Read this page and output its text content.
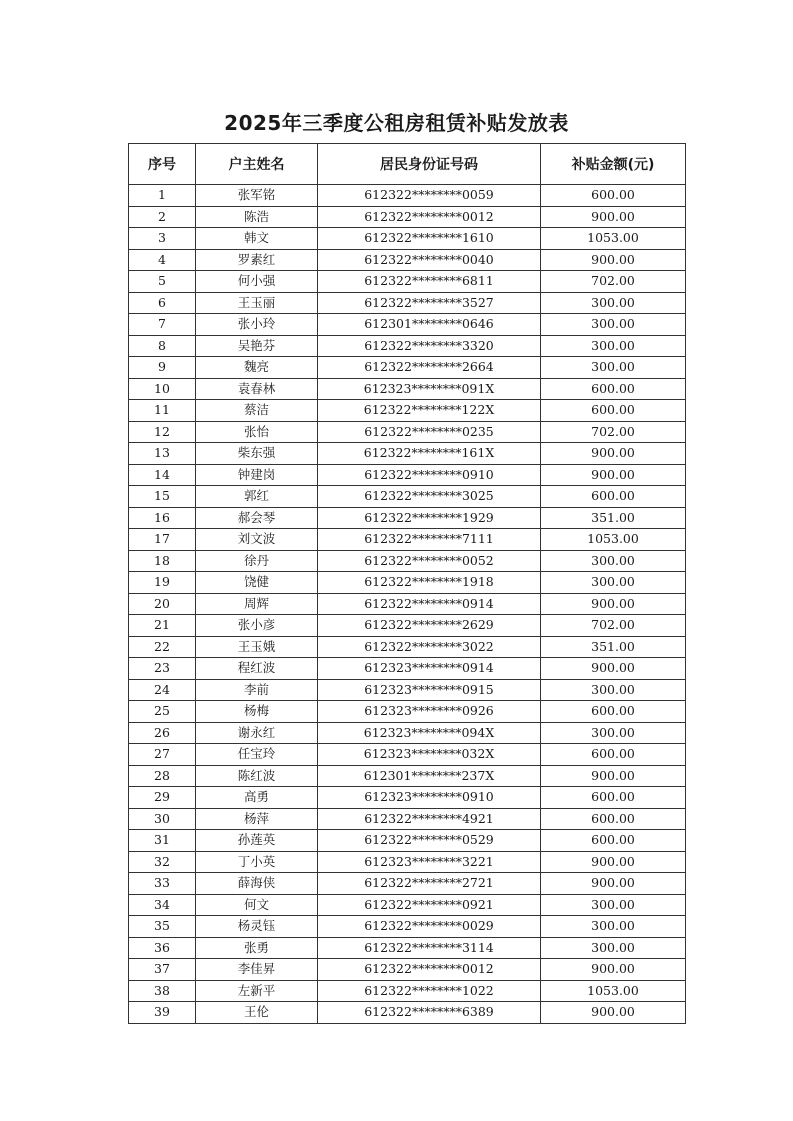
2025年三季度公租房租赁补贴发放表
序号	户主姓名	居民身份证号码	补贴金额(元)
1	张军铭	612322********0059	600.00
2	陈浩	612322********0012	900.00
3	韩文	612322********1610	1053.00
4	罗素红	612322********0040	900.00
5	何小强	612322********6811	702.00
6	王玉丽	612322********3527	300.00
7	张小玲	612301********0646	300.00
8	吴艳芬	612322********3320	300.00
9	魏亮	612322********2664	300.00
10	袁春林	612323********091X	600.00
11	蔡洁	612322********122X	600.00
12	张怡	612322********0235	702.00
13	柴东强	612322********161X	900.00
14	钟建岗	612322********0910	900.00
15	郭红	612322********3025	600.00
16	郝会琴	612322********1929	351.00
17	刘文波	612322********7111	1053.00
18	徐丹	612322********0052	300.00
19	饶健	612322********1918	300.00
20	周辉	612322********0914	900.00
21	张小彦	612322********2629	702.00
22	王玉娥	612322********3022	351.00
23	程红波	612323********0914	900.00
24	李前	612323********0915	300.00
25	杨梅	612323********0926	600.00
26	谢永红	612323********094X	300.00
27	任宝玲	612323********032X	600.00
28	陈红波	612301********237X	900.00
29	高勇	612323********0910	600.00
30	杨萍	612322********4921	600.00
31	孙莲英	612322********0529	600.00
32	丁小英	612323********3221	900.00
33	薛海侠	612322********2721	900.00
34	何文	612322********0921	300.00
35	杨灵钰	612322********0029	300.00
36	张勇	612322********3114	300.00
37	李佳昇	612322********0012	900.00
38	左新平	612322********1022	1053.00
39	王伦	612322********6389	900.00
